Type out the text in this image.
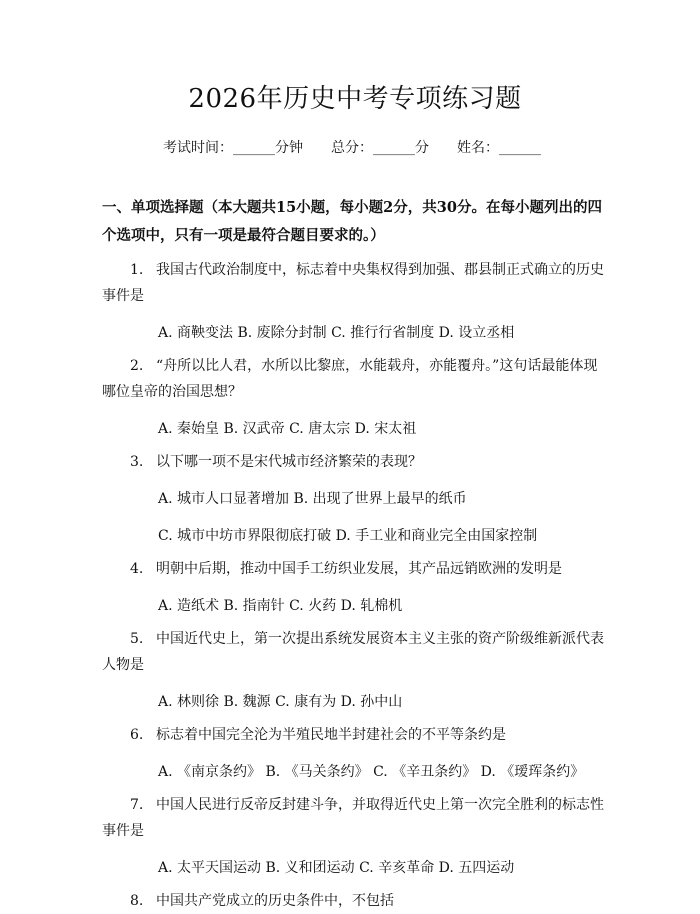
2026年历史中考专项练习题
考试时间：______分钟 总分：______分 姓名：______
一、单项选择题（本大题共15小题，每小题2分，共30分。在每小题列出的四个选项中，只有一项是最符合题目要求的。）
1. 我国古代政治制度中，标志着中央集权得到加强、郡县制正式确立的历史事件是
A. 商鞅变法 B. 废除分封制 C. 推行行省制度 D. 设立丞相
2. “舟所以比人君，水所以比黎庶，水能载舟，亦能覆舟。”这句话最能体现哪位皇帝的治国思想？
A. 秦始皇 B. 汉武帝 C. 唐太宗 D. 宋太祖
3. 以下哪一项不是宋代城市经济繁荣的表现？
A. 城市人口显著增加 B. 出现了世界上最早的纸币
C. 城市中坊市界限彻底打破 D. 手工业和商业完全由国家控制
4. 明朝中后期，推动中国手工纺织业发展，其产品远销欧洲的发明是
A. 造纸术 B. 指南针 C. 火药 D. 轧棉机
5. 中国近代史上，第一次提出系统发展资本主义主张的资产阶级维新派代表人物是
A. 林则徐 B. 魏源 C. 康有为 D. 孙中山
6. 标志着中国完全沦为半殖民地半封建社会的不平等条约是
A. 《南京条约》 B. 《马关条约》 C. 《辛丑条约》 D. 《瑷珲条约》
7. 中国人民进行反帝反封建斗争，并取得近代史上第一次完全胜利的标志性事件是
A. 太平天国运动 B. 义和团运动 C. 辛亥革命 D. 五四运动
8. 中国共产党成立的历史条件中，不包括
